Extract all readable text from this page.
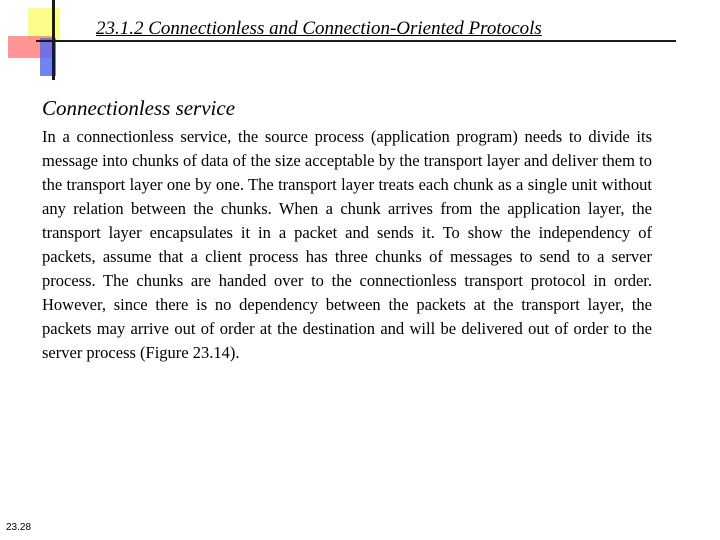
23.1.2 Connectionless and Connection-Oriented Protocols
Connectionless service
In a connectionless service, the source process (application program) needs to divide its message into chunks of data of the size acceptable by the transport layer and deliver them to the transport layer one by one. The transport layer treats each chunk as a single unit without any relation between the chunks. When a chunk arrives from the application layer, the transport layer encapsulates it in a packet and sends it. To show the independency of packets, assume that a client process has three chunks of messages to send to a server process. The chunks are handed over to the connectionless transport protocol in order. However, since there is no dependency between the packets at the transport layer, the packets may arrive out of order at the destination and will be delivered out of order to the server process (Figure 23.14).
23.28
